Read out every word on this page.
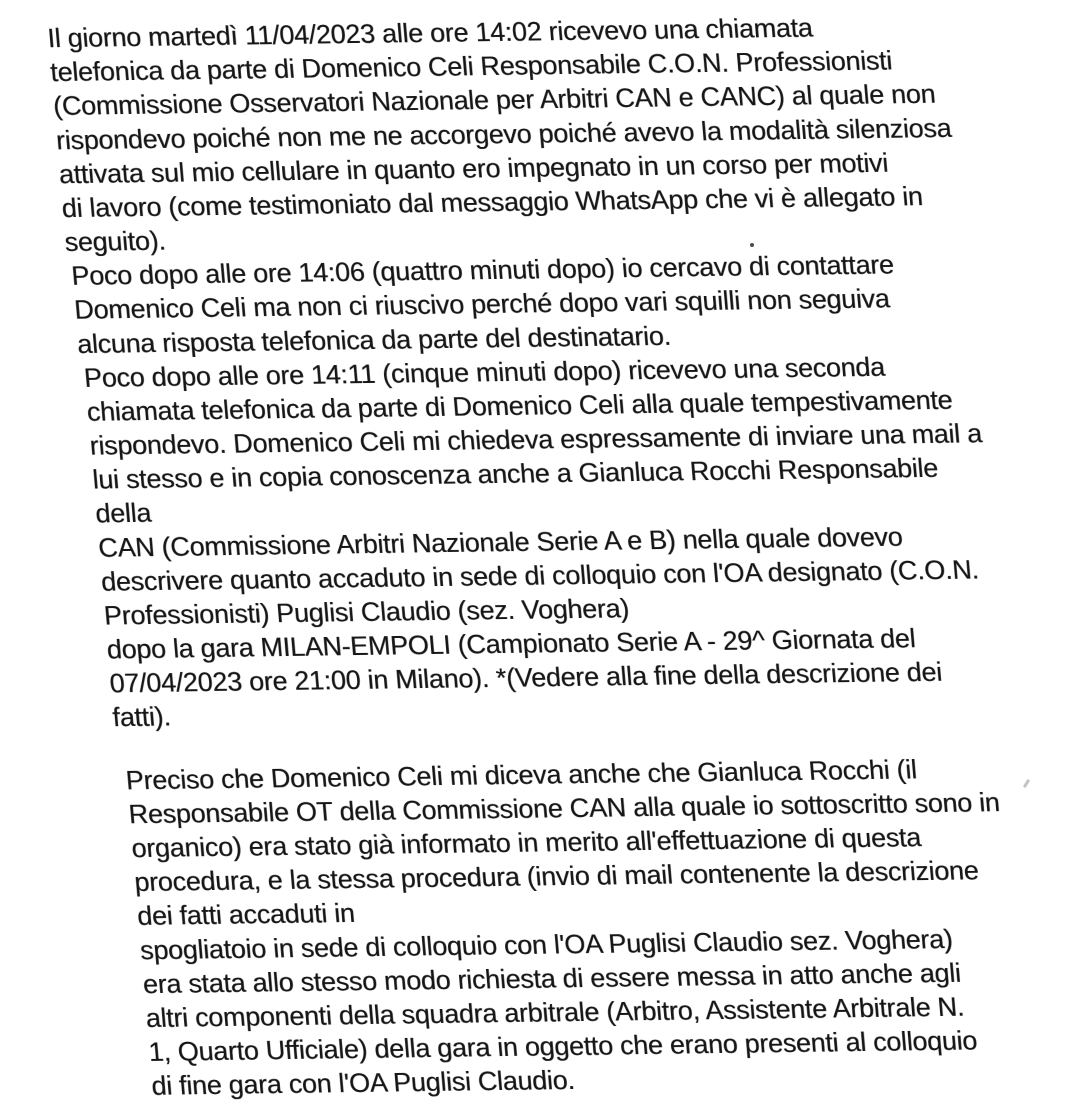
Il giorno martedì 11/04/2023 alle ore 14:02 ricevevo una chiamata
telefonica da parte di Domenico Celi Responsabile C.O.N. Professionisti
(Commissione Osservatori Nazionale per Arbitri CAN e CANC) al quale non
rispondevo poiché non me ne accorgevo poiché avevo la modalità silenziosa
attivata sul mio cellulare in quanto ero impegnato in un corso per motivi
di lavoro (come testimoniato dal messaggio WhatsApp che vi è allegato in
seguito).
Poco dopo alle ore 14:06 (quattro minuti dopo) io cercavo di contattare
Domenico Celi ma non ci riuscivo perché dopo vari squilli non seguiva
alcuna risposta telefonica da parte del destinatario.
Poco dopo alle ore 14:11 (cinque minuti dopo) ricevevo una seconda
chiamata telefonica da parte di Domenico Celi alla quale tempestivamente
rispondevo. Domenico Celi mi chiedeva espressamente di inviare una mail a
lui stesso e in copia conoscenza anche a Gianluca Rocchi Responsabile
della
CAN (Commissione Arbitri Nazionale Serie A e B) nella quale dovevo
descrivere quanto accaduto in sede di colloquio con l'OA designato (C.O.N.
Professionisti) Puglisi Claudio (sez. Voghera)
dopo la gara MILAN-EMPOLI (Campionato Serie A - 29^ Giornata del
07/04/2023 ore 21:00 in Milano). *(Vedere alla fine della descrizione dei
fatti).
Preciso che Domenico Celi mi diceva anche che Gianluca Rocchi (il
Responsabile OT della Commissione CAN alla quale io sottoscritto sono in
organico) era stato già informato in merito all'effettuazione di questa
procedura, e la stessa procedura (invio di mail contenente la descrizione
dei fatti accaduti in
spogliatoio in sede di colloquio con l'OA Puglisi Claudio sez. Voghera)
era stata allo stesso modo richiesta di essere messa in atto anche agli
altri componenti della squadra arbitrale (Arbitro, Assistente Arbitrale N.
1, Quarto Ufficiale) della gara in oggetto che erano presenti al colloquio
di fine gara con l'OA Puglisi Claudio.
